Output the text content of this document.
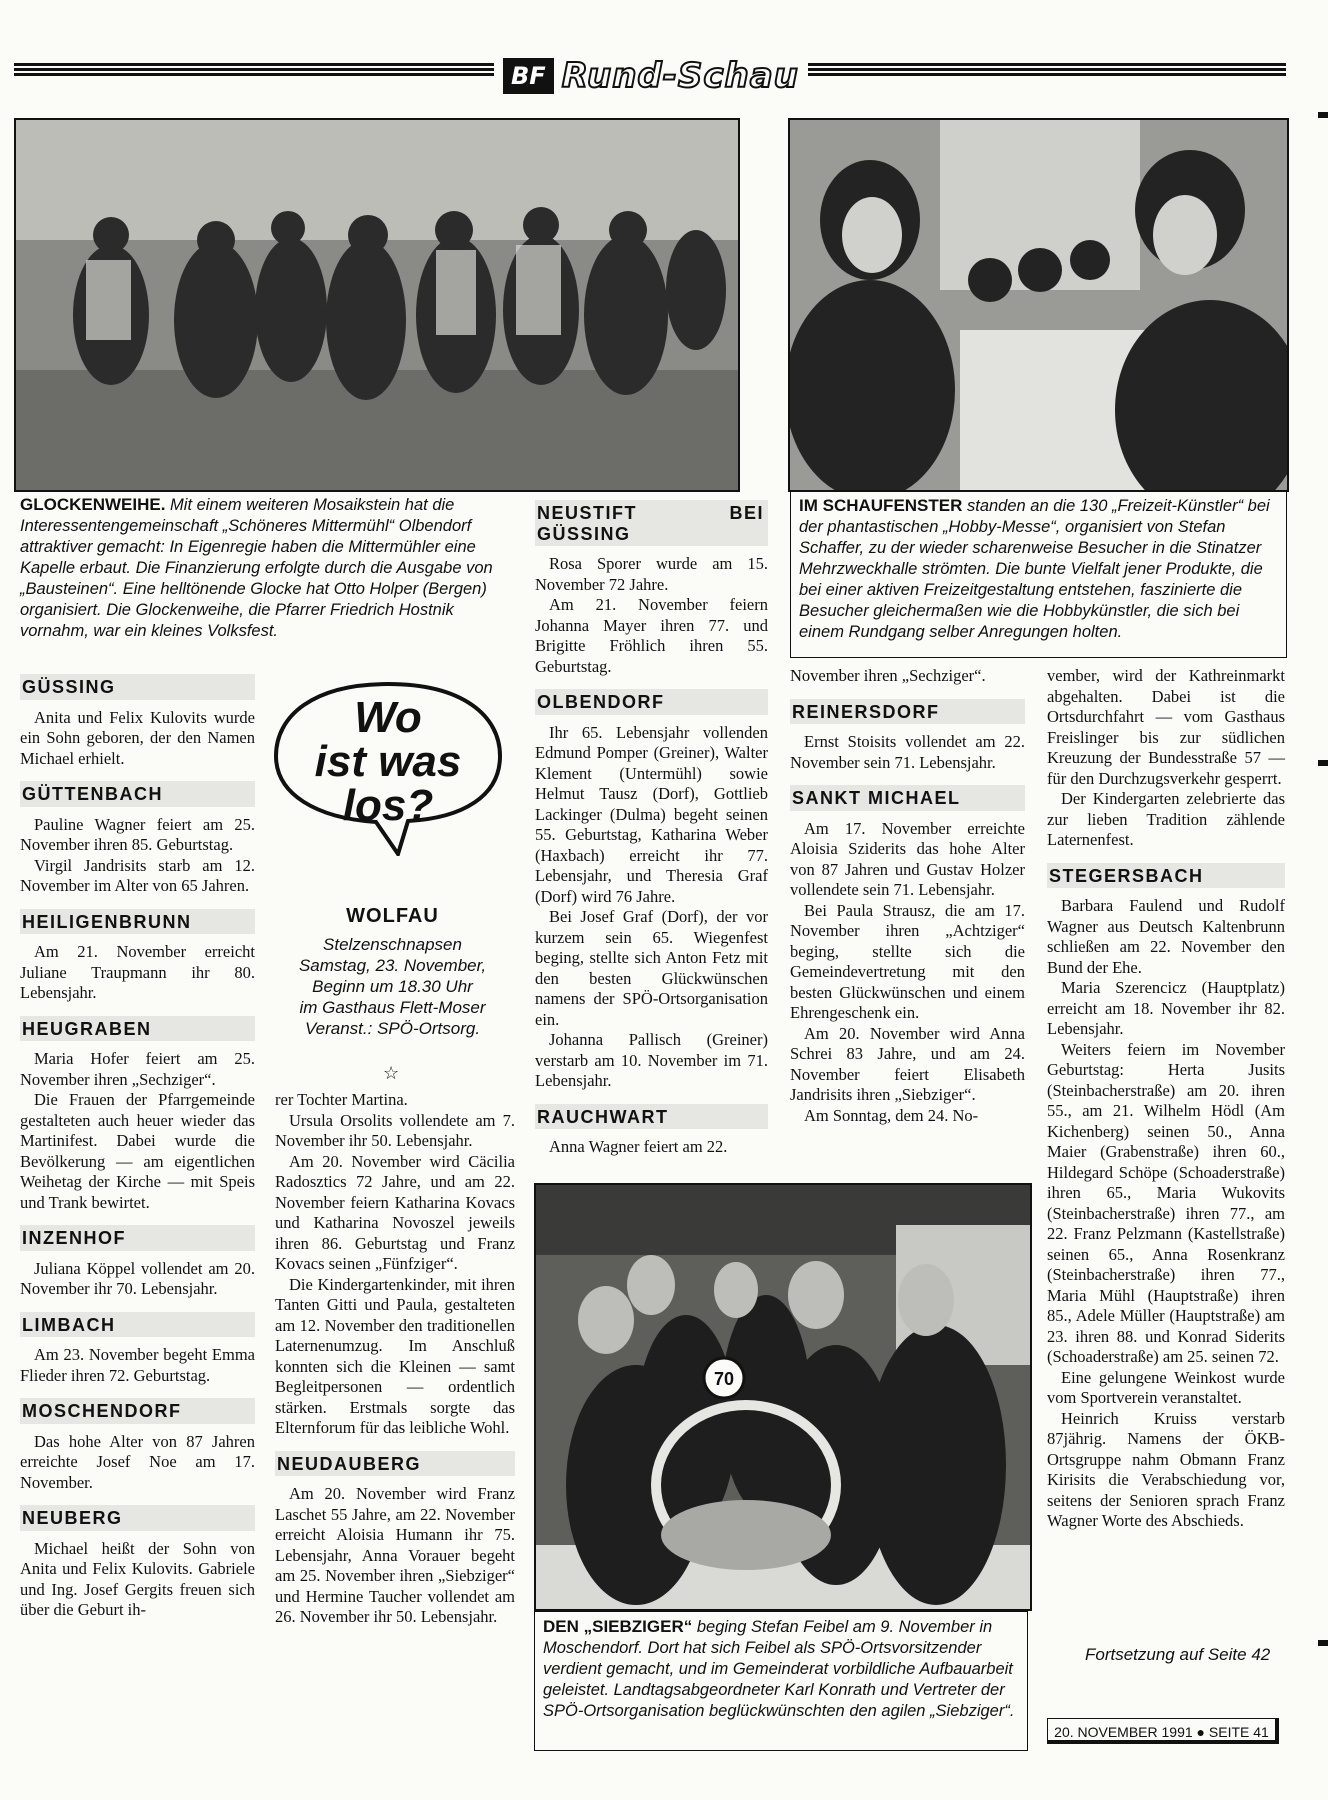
BF Rund-Schau
GLOCKENWEIHE. Mit einem weiteren Mosaikstein hat die Interessentengemeinschaft „Schöneres Mittermühl“ Olbendorf attraktiver gemacht: In Eigenregie haben die Mittermühler eine Kapelle erbaut. Die Finanzierung erfolgte durch die Ausgabe von „Bausteinen“. Eine helltönende Glocke hat Otto Holper (Bergen) organisiert. Die Glockenweihe, die Pfarrer Friedrich Hostnik vornahm, war ein kleines Volksfest.
IM SCHAUFENSTER standen an die 130 „Freizeit-Künstler“ bei der phantastischen „Hobby-Messe“, organisiert von Stefan Schaffer, zu der wieder scharenweise Besucher in die Stinatzer Mehrzweckhalle strömten. Die bunte Vielfalt jener Produkte, die bei einer aktiven Freizeitgestaltung entstehen, faszinierte die Besucher gleichermaßen wie die Hobbykünstler, die sich bei einem Rundgang selber Anregungen holten.
GÜSSING

Anita und Felix Kulovits wurde ein Sohn geboren, der den Namen Michael erhielt.

GÜTTENBACH

Pauline Wagner feiert am 25. November ihren 85. Geburtstag.

Virgil Jandrisits starb am 12. November im Alter von 65 Jahren.

HEILIGENBRUNN

Am 21. November erreicht Juliane Traupmann ihr 80. Lebensjahr.

HEUGRABEN

Maria Hofer feiert am 25. November ihren „Sechziger“.

Die Frauen der Pfarrgemeinde gestalteten auch heuer wieder das Martinifest. Dabei wurde die Bevölkerung — am eigentlichen Weihetag der Kirche — mit Speis und Trank bewirtet.

INZENHOF

Juliana Köppel vollendet am 20. November ihr 70. Lebensjahr.

LIMBACH

Am 23. November begeht Emma Flieder ihren 72. Geburtstag.

MOSCHENDORF

Das hohe Alter von 87 Jahren erreichte Josef Noe am 17. November.

NEUBERG

Michael heißt der Sohn von Anita und Felix Kulovits. Gabriele und Ing. Josef Gergits freuen sich über die Geburt ih-

Wo
ist was
los?
WOLFAU
Stelzenschnapsen
Samstag, 23. November,
Beginn um 18.30 Uhr
im Gasthaus Flett-Moser
Veranst.: SPÖ-Ortsorg.
☆

rer Tochter Martina.

Ursula Orsolits vollendete am 7. November ihr 50. Lebensjahr.

Am 20. November wird Cäcilia Radosztics 72 Jahre, und am 22. November feiern Katharina Kovacs und Katharina Novoszel jeweils ihren 86. Geburtstag und Franz Kovacs seinen „Fünfziger“.

Die Kindergartenkinder, mit ihren Tanten Gitti und Paula, gestalteten am 12. November den traditionellen Laternenumzug. Im Anschluß konnten sich die Kleinen — samt Begleitpersonen — ordentlich stärken. Erstmals sorgte das Elternforum für das leibliche Wohl.

NEUDAUBERG

Am 20. November wird Franz Laschet 55 Jahre, am 22. November erreicht Aloisia Humann ihr 75. Lebensjahr, Anna Vorauer begeht am 25. November ihren „Siebziger“ und Hermine Taucher vollendet am 26. November ihr 50. Lebensjahr.

NEUSTIFT BEI GÜSSING

Rosa Sporer wurde am 15. November 72 Jahre.

Am 21. November feiern Johanna Mayer ihren 77. und Brigitte Fröhlich ihren 55. Geburtstag.

OLBENDORF

Ihr 65. Lebensjahr vollenden Edmund Pomper (Greiner), Walter Klement (Untermühl) sowie Helmut Tausz (Dorf), Gottlieb Lackinger (Dulma) begeht seinen 55. Geburtstag, Katharina Weber (Haxbach) erreicht ihr 77. Lebensjahr, und Theresia Graf (Dorf) wird 76 Jahre.

Bei Josef Graf (Dorf), der vor kurzem sein 65. Wiegenfest beging, stellte sich Anton Fetz mit den besten Glückwünschen namens der SPÖ-Ortsorganisation ein.

Johanna Pallisch (Greiner) verstarb am 10. November im 71. Lebensjahr.

RAUCHWART

Anna Wagner feiert am 22.

November ihren „Sechziger“.

REINERSDORF

Ernst Stoisits vollendet am 22. November sein 71. Lebensjahr.

SANKT MICHAEL

Am 17. November erreichte Aloisia Sziderits das hohe Alter von 87 Jahren und Gustav Holzer vollendete sein 71. Lebensjahr.

Bei Paula Strausz, die am 17. November ihren „Achtziger“ beging, stellte sich die Gemeindevertretung mit den besten Glückwünschen und einem Ehrengeschenk ein.

Am 20. November wird Anna Schrei 83 Jahre, und am 24. November feiert Elisabeth Jandrisits ihren „Siebziger“.

Am Sonntag, dem 24. No-

vember, wird der Kathreinmarkt abgehalten. Dabei ist die Ortsdurchfahrt — vom Gasthaus Freislinger bis zur südlichen Kreuzung der Bundesstraße 57 — für den Durchzugsverkehr gesperrt.

Der Kindergarten zelebrierte das zur lieben Tradition zählende Laternenfest.

STEGERSBACH

Barbara Faulend und Rudolf Wagner aus Deutsch Kaltenbrunn schließen am 22. November den Bund der Ehe.

Maria Szerencicz (Hauptplatz) erreicht am 18. November ihr 82. Lebensjahr.

Weiters feiern im November Geburtstag: Herta Jusits (Steinbacherstraße) am 20. ihren 55., am 21. Wilhelm Hödl (Am Kichenberg) seinen 50., Anna Maier (Grabenstraße) ihren 60., Hildegard Schöpe (Schoaderstraße) ihren 65., Maria Wukovits (Steinbacherstraße) ihren 77., am 22. Franz Pelzmann (Kastellstraße) seinen 65., Anna Rosenkranz (Steinbacherstraße) ihren 77., Maria Mühl (Hauptstraße) ihren 85., Adele Müller (Hauptstraße) am 23. ihren 88. und Konrad Siderits (Schoaderstraße) am 25. seinen 72.

Eine gelungene Weinkost wurde vom Sportverein veranstaltet.

Heinrich Kruiss verstarb 87jährig. Namens der ÖKB-Ortsgruppe nahm Obmann Franz Kirisits die Verabschiedung vor, seitens der Senioren sprach Franz Wagner Worte des Abschieds.

70
DEN „SIEBZIGER“ beging Stefan Feibel am 9. November in Moschendorf. Dort hat sich Feibel als SPÖ-Ortsvorsitzender verdient gemacht, und im Gemeinderat vorbildliche Aufbauarbeit geleistet. Landtagsabgeordneter Karl Konrath und Vertreter der SPÖ-Ortsorganisation beglückwünschten den agilen „Siebziger“.
Fortsetzung auf Seite 42
20. NOVEMBER 1991 ● SEITE 41
